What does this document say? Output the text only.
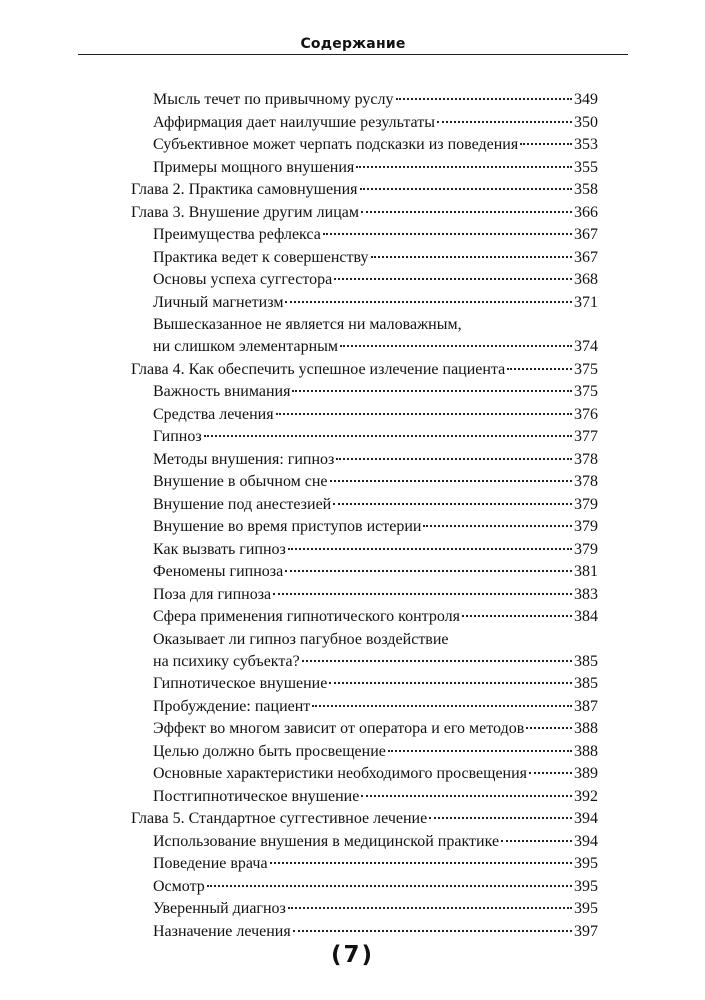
Содержание
Мысль течет по привычному руслу	349
Аффирмация дает наилучшие результаты	350
Субъективное может черпать подсказки из поведения	353
Примеры мощного внушения	355
Глава 2. Практика самовнушения	358
Глава 3. Внушение другим лицам	366
Преимущества рефлекса	367
Практика ведет к совершенству	367
Основы успеха суггестора	368
Личный магнетизм	371
Вышесказанное не является ни маловажным,
ни слишком элементарным	374
Глава 4. Как обеспечить успешное излечение пациента	375
Важность внимания	375
Средства лечения	376
Гипноз	377
Методы внушения: гипноз	378
Внушение в обычном сне	378
Внушение под анестезией	379
Внушение во время приступов истерии	379
Как вызвать гипноз	379
Феномены гипноза	381
Поза для гипноза	383
Сфера применения гипнотического контроля	384
Оказывает ли гипноз пагубное воздействие
на психику субъекта?	385
Гипнотическое внушение	385
Пробуждение: пациент	387
Эффект во многом зависит от оператора и его методов	388
Целью должно быть просвещение	388
Основные характеристики необходимого просвещения	389
Постгипнотическое внушение	392
Глава 5. Стандартное суггестивное лечение	394
Использование внушения в медицинской практике	394
Поведение врача	395
Осмотр	395
Уверенный диагноз	395
Назначение лечения	397
(7)
